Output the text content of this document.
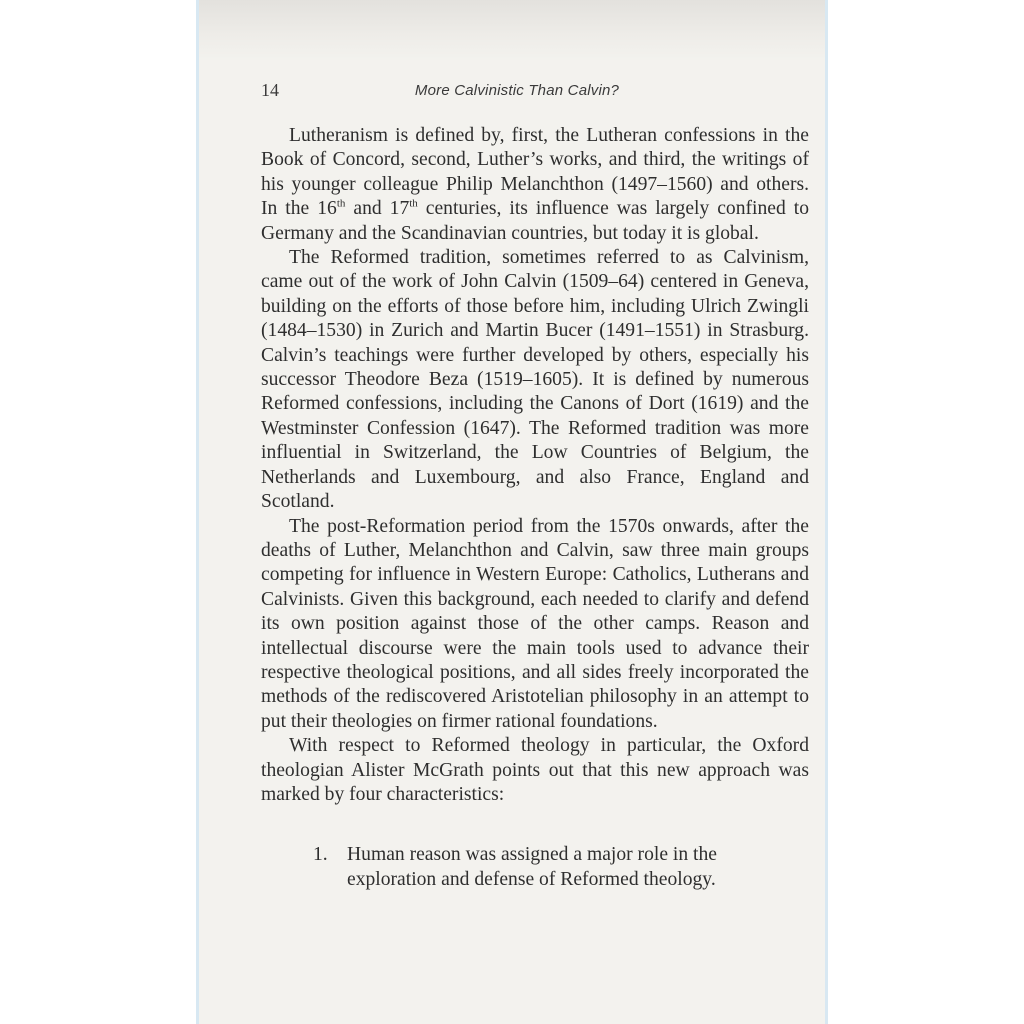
14	More Calvinistic Than Calvin?

Lutheranism is defined by, first, the Lutheran confessions in the Book of Concord, second, Luther’s works, and third, the writings of his younger colleague Philip Melanchthon (1497–1560) and others. In the 16th and 17th centuries, its influence was largely confined to Germany and the Scandinavian countries, but today it is global.

The Reformed tradition, sometimes referred to as Calvinism, came out of the work of John Calvin (1509–64) centered in Geneva, building on the efforts of those before him, including Ulrich Zwingli (1484–1530) in Zurich and Martin Bucer (1491–1551) in Strasburg. Calvin’s teachings were further developed by others, especially his successor Theodore Beza (1519–1605). It is defined by numerous Reformed confessions, including the Canons of Dort (1619) and the Westminster Confession (1647). The Reformed tradition was more influential in Switzerland, the Low Countries of Belgium, the Netherlands and Luxembourg, and also France, England and Scotland.

The post-Reformation period from the 1570s onwards, after the deaths of Luther, Melanchthon and Calvin, saw three main groups competing for influence in Western Europe: Catholics, Lutherans and Calvinists. Given this background, each needed to clarify and defend its own position against those of the other camps. Reason and intellectual discourse were the main tools used to advance their respective theological positions, and all sides freely incorporated the methods of the rediscovered Aristotelian philosophy in an attempt to put their theologies on firmer rational foundations.

With respect to Reformed theology in particular, the Oxford theologian Alister McGrath points out that this new approach was marked by four characteristics:

1. Human reason was assigned a major role in the exploration and defense of Reformed theology.
